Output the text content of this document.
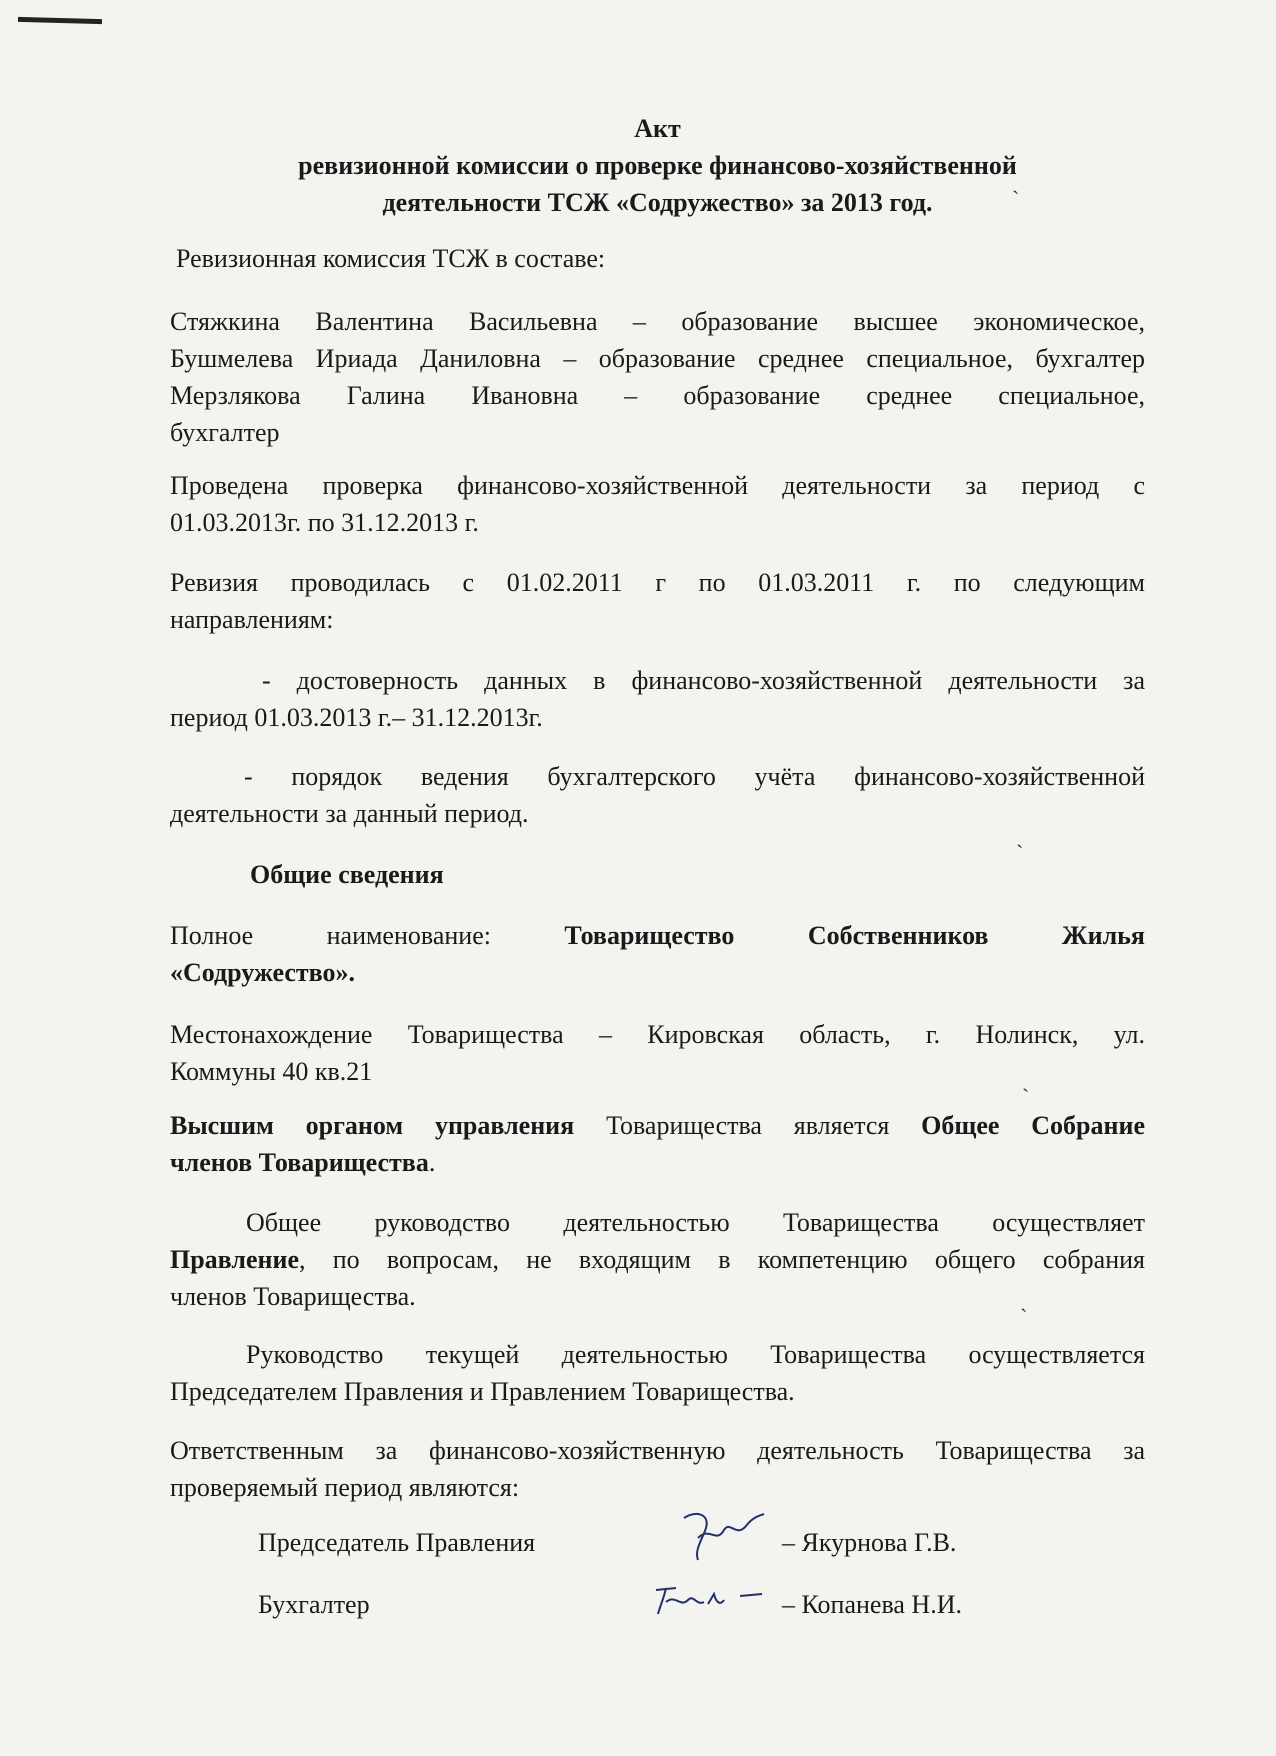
Акт
ревизионной комиссии о проверке финансово-хозяйственной
деятельности ТСЖ «Содружество» за 2013 год.
Ревизионная комиссия ТСЖ в составе:
Стяжкина Валентина Васильевна – образование высшее экономическое,
Бушмелева Ириада Даниловна – образование среднее специальное, бухгалтер
Мерзлякова Галина Ивановна – образование среднее специальное,
бухгалтер
Проведена проверка финансово-хозяйственной деятельности за период с
01.03.2013г. по 31.12.2013 г.
Ревизия проводилась с 01.02.2011 г по 01.03.2011 г. по следующим
направлениям:
- достоверность данных в финансово-хозяйственной деятельности за
период 01.03.2013 г.– 31.12.2013г.
- порядок ведения бухгалтерского учёта финансово-хозяйственной
деятельности за данный период.
Общие сведения
Полное наименование:	Товарищество Собственников Жилья
«Содружество».
Местонахождение Товарищества – Кировская область, г. Нолинск, ул.
Коммуны 40 кв.21
Высшим органом управления Товарищества является Общее Собрание
членов Товарищества.
Общее руководство деятельностью Товарищества осуществляет
Правление, по вопросам, не входящим в компетенцию общего собрания
членов Товарищества.
Руководство текущей деятельностью Товарищества осуществляется
Председателем Правления и Правлением Товарищества.
Ответственным за финансово-хозяйственную деятельность Товарищества за
проверяемый период являются:
Председатель Правления	– Якурнова Г.В.
Бухгалтер	– Копанева Н.И.
`
`
`
`
